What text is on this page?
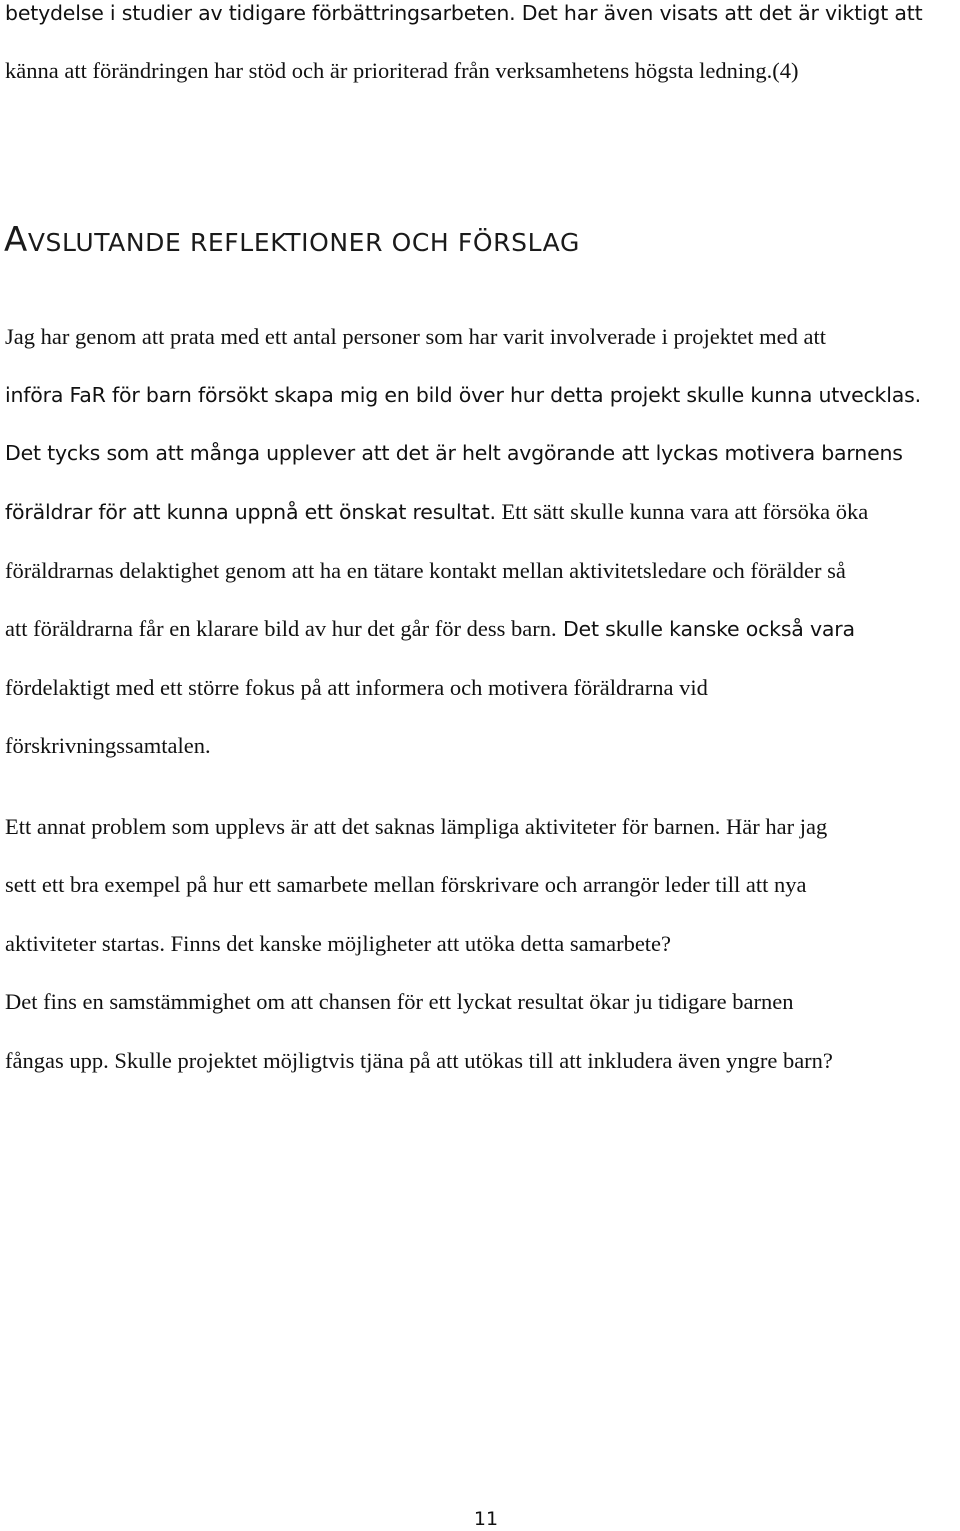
betydelse i studier av tidigare förbättringsarbeten. Det har även visats att det är viktigt att
känna att förändringen har stöd och är prioriterad från verksamhetens högsta ledning.(4)
AVSLUTANDE REFLEKTIONER OCH FÖRSLAG
Jag har genom att prata med ett antal personer som har varit involverade i projektet med att
införa FaR för barn försökt skapa mig en bild över hur detta projekt skulle kunna utvecklas.
Det tycks som att många upplever att det är helt avgörande att lyckas motivera barnens
föräldrar för att kunna uppnå ett önskat resultat. Ett sätt skulle kunna vara att försöka öka
föräldrarnas delaktighet genom att ha en tätare kontakt mellan aktivitetsledare och förälder så
att föräldrarna får en klarare bild av hur det går för dess barn. Det skulle kanske också vara
fördelaktigt med ett större fokus på att informera och motivera föräldrarna vid
förskrivningssamtalen.
Ett annat problem som upplevs är att det saknas lämpliga aktiviteter för barnen. Här har jag
sett ett bra exempel på hur ett samarbete mellan förskrivare och arrangör leder till att nya
aktiviteter startas. Finns det kanske möjligheter att utöka detta samarbete?
Det fins en samstämmighet om att chansen för ett lyckat resultat ökar ju tidigare barnen
fångas upp. Skulle projektet möjligtvis tjäna på att utökas till att inkludera även yngre barn?
11
